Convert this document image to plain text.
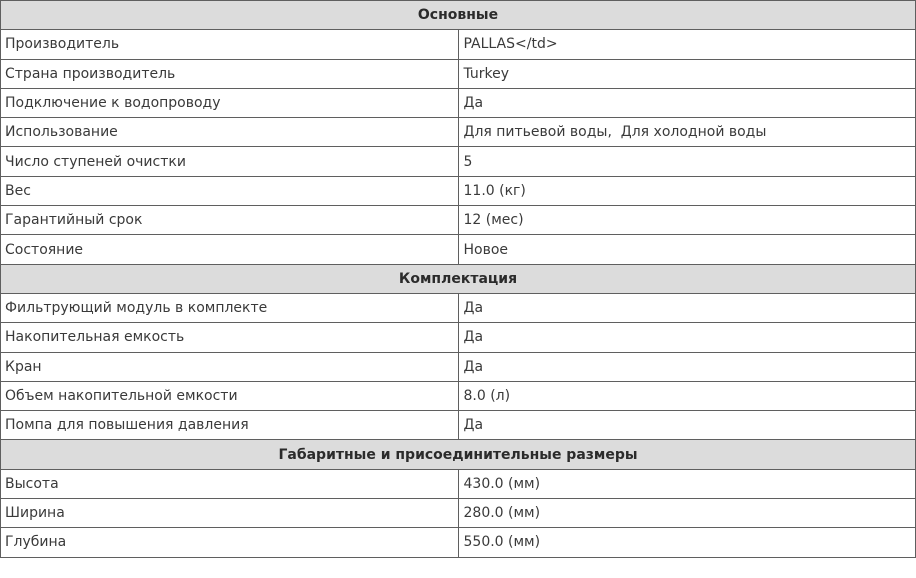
Основные	
Производитель	PALLAS</td>
Страна производитель	Turkey
Подключение к водопроводу	Да
Использование	Для питьевой воды,  Для холодной воды
Число ступеней очистки	5
Вес	11.0 (кг)
Гарантийный срок	12 (мес)
Состояние	Новое
Комплектация	
Фильтрующий модуль в комплекте	Да
Накопительная емкость	Да
Кран	Да
Объем накопительной емкости	8.0 (л)
Помпа для повышения давления	Да
Габаритные и присоединительные размеры	
Высота	430.0 (мм)
Ширина	280.0 (мм)
Глубина	550.0 (мм)
